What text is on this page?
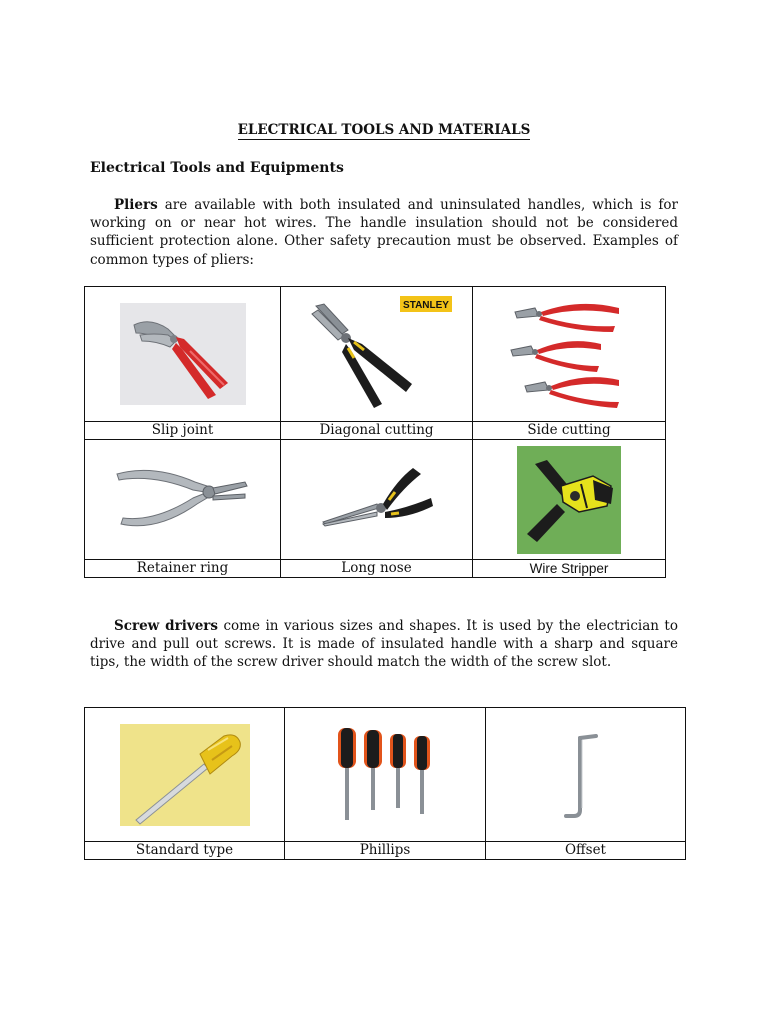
ELECTRICAL TOOLS AND MATERIALS
Electrical Tools and Equipments

Pliers are available with both insulated and uninsulated handles, which is for working on or near hot wires. The handle insulation should not be considered sufficient protection alone. Other safety precaution must be observed. Examples of common types of pliers:

STANLEY

Slip joint	Diagonal cutting	Side cutting

Retainer ring	Long nose	Wire Stripper

Screw drivers come in various sizes and shapes. It is used by the electrician to drive and pull out screws. It is made of insulated handle with a sharp and square tips, the width of the screw driver should match the width of the screw slot.

Standard type	Phillips	Offset
